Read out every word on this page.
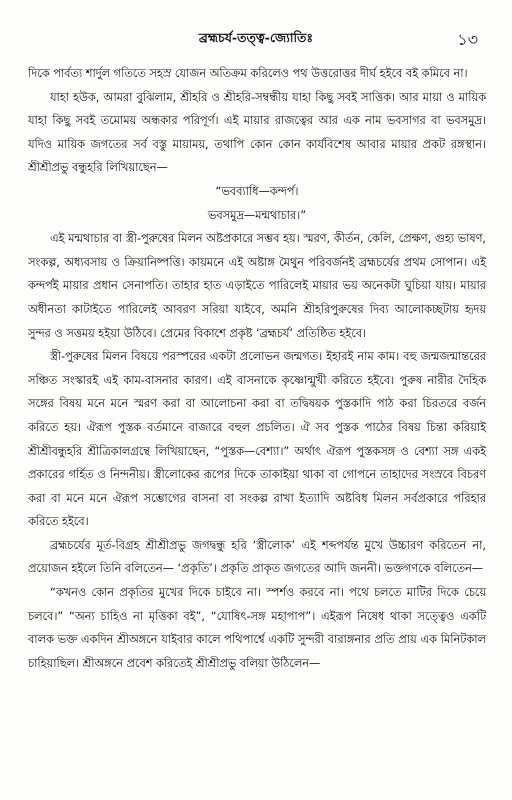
ব্রহ্মচর্য-তত্ত্ব-জ্যোতিঃ	১৩

দিকে পার্বত্য শার্দুল গতিতে সহস্র যোজন অতিক্রম করিলেও পথ উত্তরোত্তর দীর্ঘ হইবে বই কমিবে না।

যাহা হউক, আমরা বুঝিলাম, শ্রীহরি ও শ্রীহরি-সম্বন্ধীয় যাহা কিছু সবই সাত্তিক। আর মায়া ও মায়িক যাহা কিছু সবই তমোময় অন্ধকার পরিপূর্ণ। এই মায়ার রাজত্বের আর এক নাম ভবসাগর বা ভবসমুদ্র। যদিও মায়িক জগতের সর্ব বস্তু মায়াময়, তথাপি কোন কোন কার্যবিশেষ আবার মায়ার প্রকট রঙ্গস্থান। শ্রীশ্রীপ্রভু বন্ধুহরি লিখিয়াছেন—

“ভবব্যাধি—কন্দর্প।

ভবসমুদ্র—মন্মথাচার।”

এই মন্মথাচার বা স্ত্রী-পুরুষের মিলন অষ্টপ্রকারে সম্ভব হয়। স্মরণ, কীর্তন, কেলি, প্রেক্ষণ, গুহ্য ভাষণ, সংকল্প, অধ্যবসায় ও ক্রিয়ানিষ্পত্তি। কায়মনে এই অষ্টাঙ্গ মৈথুন পরিবর্জনই ব্রহ্মচর্যের প্রথম সোপান। এই কন্দর্পই মায়ার প্রধান সেনাপতি। তাহার হাত এড়াইতে পারিলেই মায়ার ভয় অনেকটা ঘুচিয়া যায়। মায়ার অধীনতা কাটাইতে পারিলেই আবরণ সরিয়া যাইবে, অমনি শ্রীহরিপুরুষের দিব্য আলোকচ্ছটায় হৃদয় সুন্দর ও সত্তময় হইয়া উঠিবে। প্রেমের বিকাশে প্রকৃষ্ট ‘ব্রহ্মচর্য’ প্রতিষ্ঠিত হইবে।

স্ত্রী-পুরুষের মিলন বিষয়ে পরস্পরের একটা প্রলোভন জন্মগত। ইহারই নাম কাম। বহু জন্মজন্মান্তরের সঞ্চিত সংস্কারই এই কাম-বাসনার কারণ। এই বাসনাকে কৃষ্ণোন্মুখী করিতে হইবে। পুরুষ নারীর দৈহিক সঙ্গের বিষয় মনে মনে স্মরণ করা বা আলোচনা করা বা তদ্বিষয়ক পুস্তকাদি পাঠ করা চিরতরে বর্জন করিতে হয়। ঐরূপ পুস্তক বর্তমানে বাজারে বহুল প্রচলিত। ঐ সব পুস্তক পাঠের বিষয় চিন্তা করিয়াই শ্রীশ্রীবন্ধুহরি শ্রীত্রিকালগ্রন্থে লিখিয়াছেন, “পুস্তক—বেশ্যা।” অর্থাৎ ঐরূপ পুস্তকসঙ্গ ও বেশ্যা সঙ্গ একই প্রকারের গর্হিত ও নিন্দনীয়। স্ত্রীলোকের রূপের দিকে তাকাইয়া থাকা বা গোপনে তাহাদের সংস্রবে বিচরণ করা বা মনে মনে ঐরূপ সম্ভোগের বাসনা বা সংকল্প রাখা ইত্যাদি অষ্টবিধ মিলন সর্বপ্রকারে পরিহার করিতে হইবে।

ব্রহ্মচর্যের মূর্ত-বিগ্রহ শ্রীশ্রীপ্রভু জগদ্বন্ধু হরি ‘স্ত্রীলোক’ এই শব্দপর্যন্ত মুখে উচ্চারণ করিতেন না, প্রয়োজন হইলে তিনি বলিতেন— ‘প্রকৃতি’। প্রকৃতি প্রাকৃত জগতের আদি জননী। ভক্তগণকে বলিতেন—

“কখনও কোন প্রকৃতির মুখের দিকে চাইবে না। স্পর্শও করবে না। পথে চলতে মাটির দিকে চেয়ে চলবে।” “অন্য চাহিও না মৃত্তিকা বই”, “যোষিৎ-সঙ্গ মহাপাপ”। এইরূপ নিষেধ থাকা সত্ত্বেও একটি বালক ভক্ত একদিন শ্রীঅঙ্গনে যাইবার কালে পথিপার্শ্বে একটি সুন্দরী বারাঙ্গনার প্রতি প্রায় এক মিনিটকাল চাহিয়াছিল। শ্রীঅঙ্গনে প্রবেশ করিতেই শ্রীশ্রীপ্রভু বলিয়া উঠিলেন—
